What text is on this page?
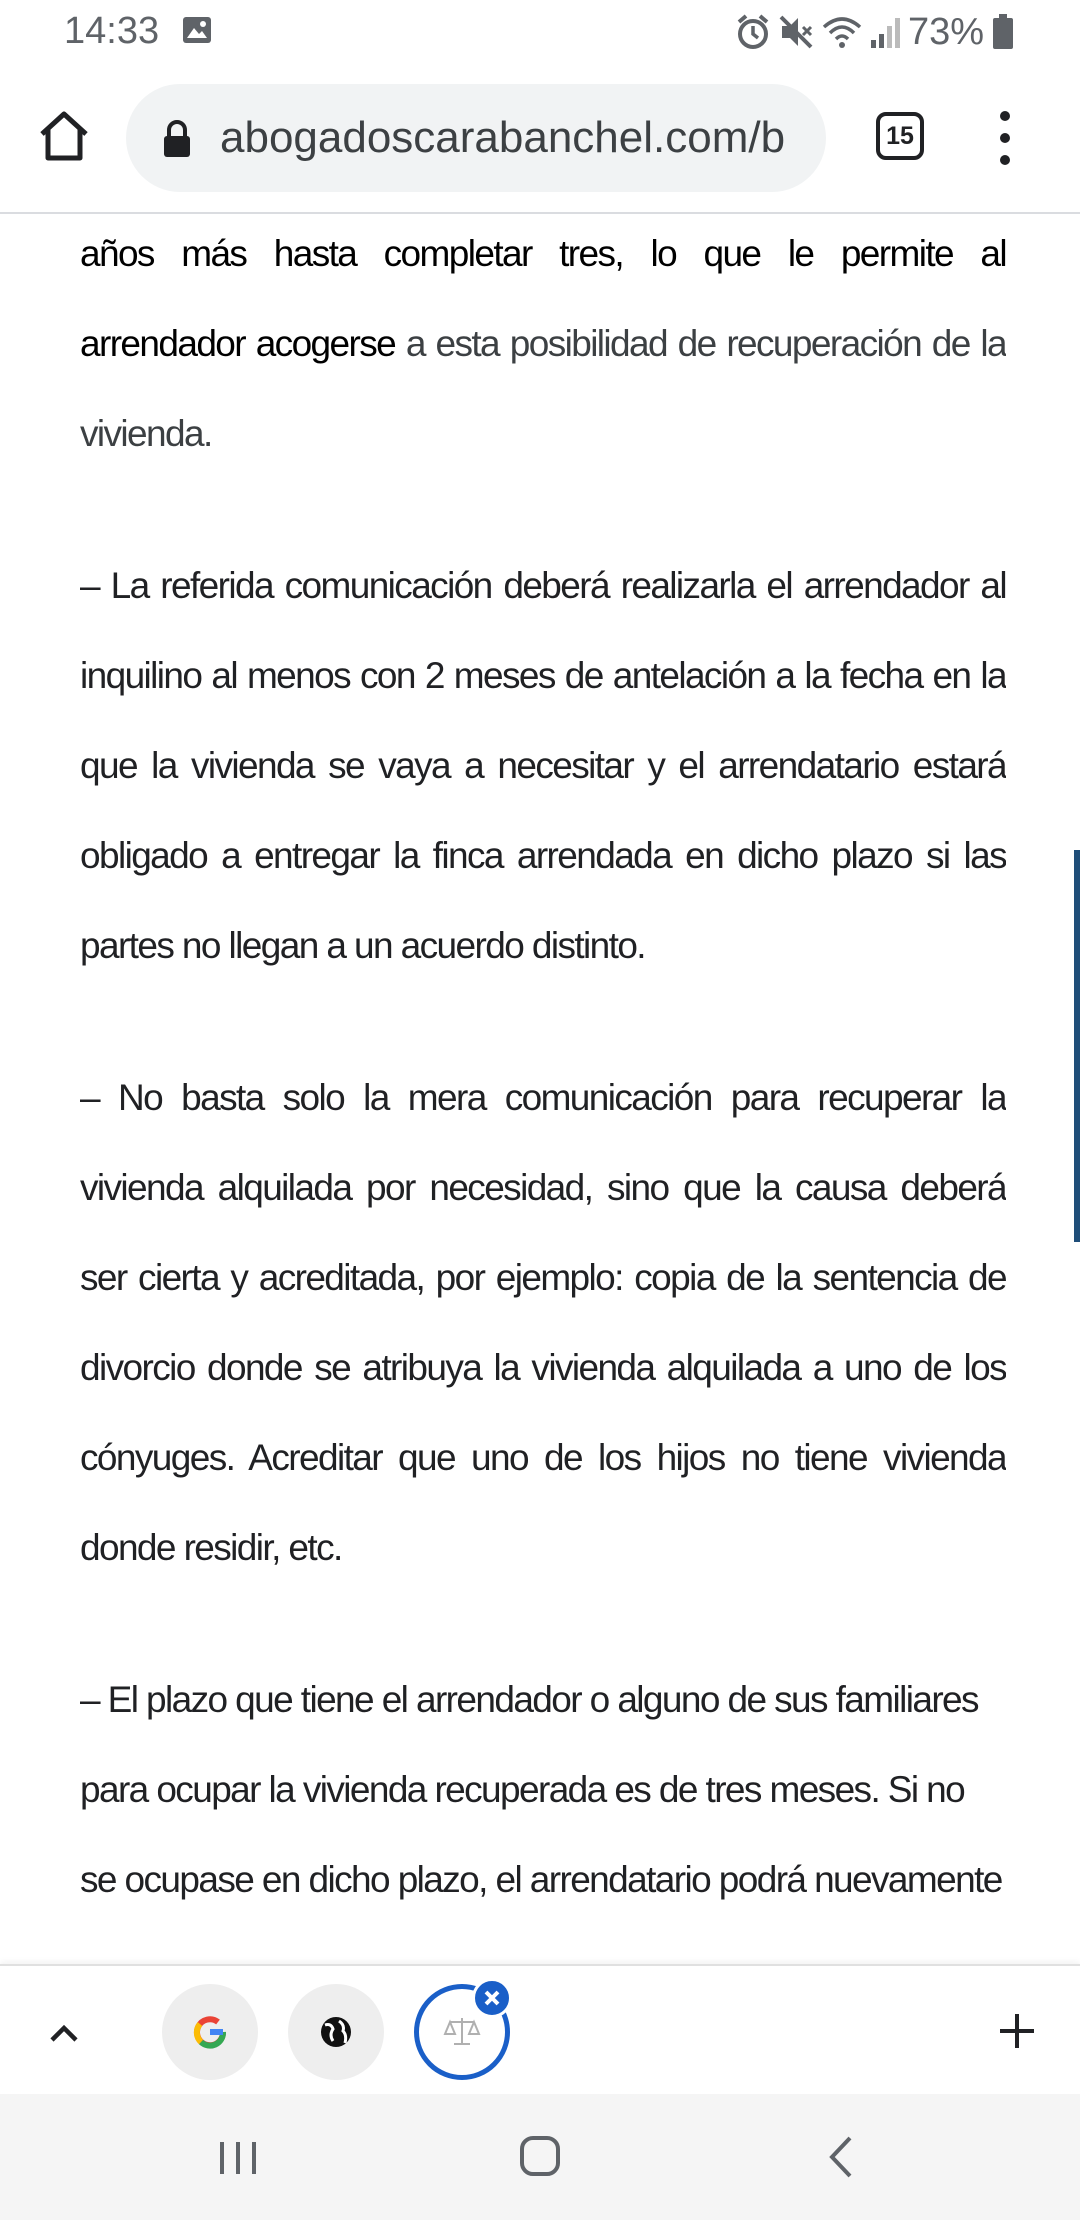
14:33	73%
abogadoscarabanchel.com/b	15

años más hasta completar tres, lo que le permite al arrendador acogerse a esta posibilidad de recuperación de la vivienda.

– La referida comunicación deberá realizarla el arrendador al inquilino al menos con 2 meses de antelación a la fecha en la que la vivienda se vaya a necesitar y el arrendatario estará obligado a entregar la finca arrendada en dicho plazo si las partes no llegan a un acuerdo distinto.

– No basta solo la mera comunicación para recuperar la vivienda alquilada por necesidad, sino que la causa deberá ser cierta y acreditada, por ejemplo: copia de la sentencia de divorcio donde se atribuya la vivienda alquilada a uno de los cónyuges. Acreditar que uno de los hijos no tiene vivienda donde residir, etc.

– El plazo que tiene el arrendador o alguno de sus familiares para ocupar la vivienda recuperada es de tres meses. Si no se ocupase en dicho plazo, el arrendatario podrá nuevamente
